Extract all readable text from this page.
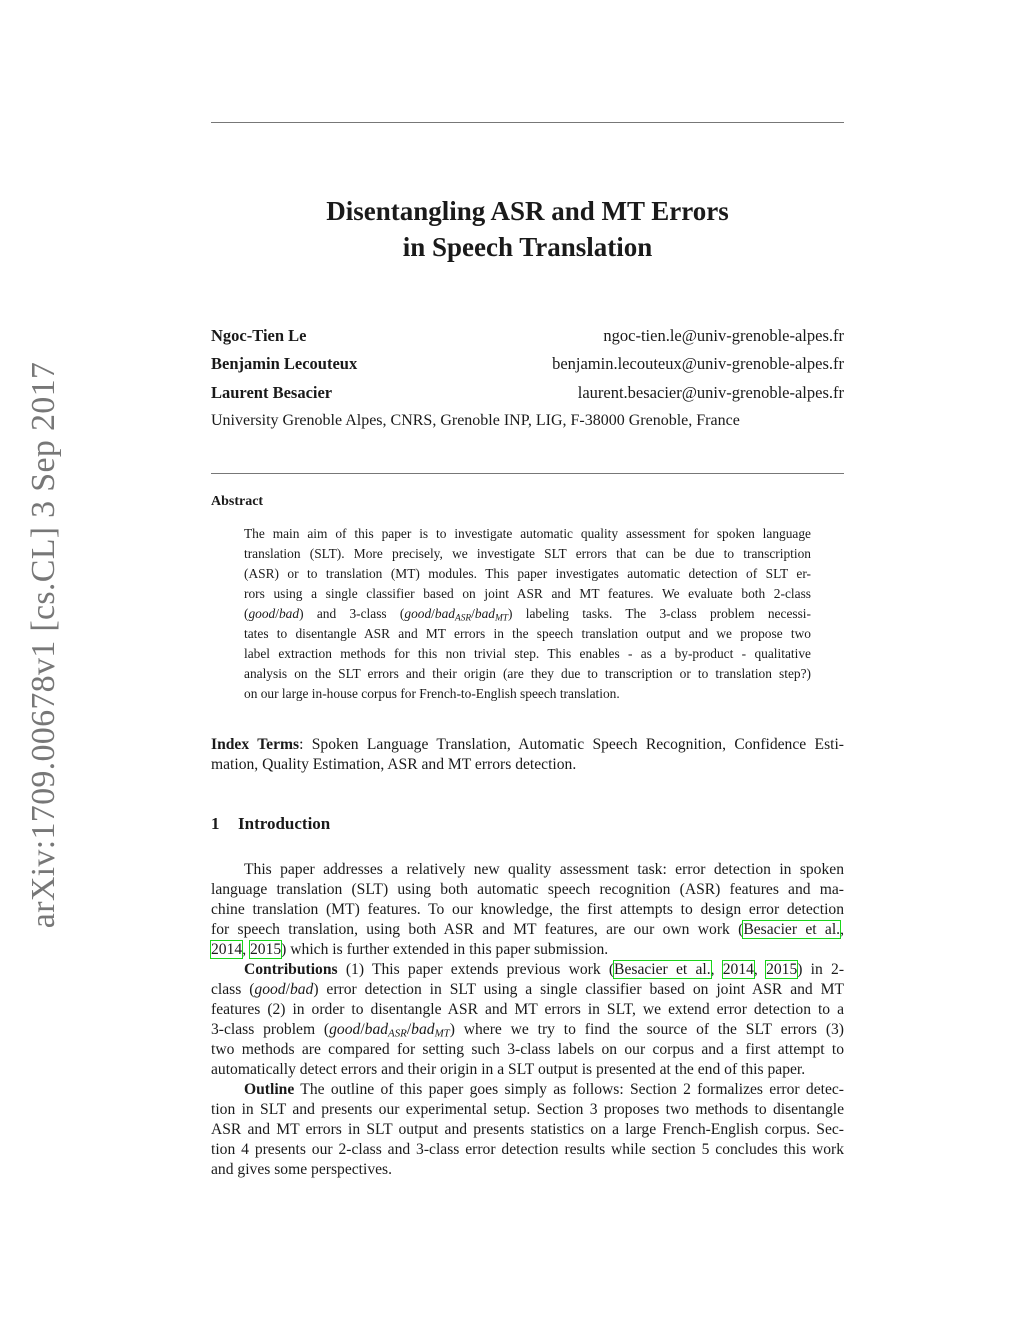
arXiv:1709.00678v1 [cs.CL] 3 Sep 2017
Disentangling ASR and MT Errors
in Speech Translation
Ngoc-Tien Le	ngoc-tien.le@univ-grenoble-alpes.fr
Benjamin Lecouteux	benjamin.lecouteux@univ-grenoble-alpes.fr
Laurent Besacier	laurent.besacier@univ-grenoble-alpes.fr
University Grenoble Alpes, CNRS, Grenoble INP, LIG, F-38000 Grenoble, France
Abstract
The main aim of this paper is to investigate automatic quality assessment for spoken language
translation (SLT). More precisely, we investigate SLT errors that can be due to transcription
(ASR) or to translation (MT) modules. This paper investigates automatic detection of SLT er-
rors using a single classifier based on joint ASR and MT features. We evaluate both 2-class
(good/bad) and 3-class (good/bad$_{ASR}$/bad$_{MT}$) labeling tasks. The 3-class problem necessi-
tates to disentangle ASR and MT errors in the speech translation output and we propose two
label extraction methods for this non trivial step. This enables - as a by-product - qualitative
analysis on the SLT errors and their origin (are they due to transcription or to translation step?)
on our large in-house corpus for French-to-English speech translation.
Index Terms: Spoken Language Translation, Automatic Speech Recognition, Confidence Esti-
mation, Quality Estimation, ASR and MT errors detection.
1 Introduction
This paper addresses a relatively new quality assessment task: error detection in spoken
language translation (SLT) using both automatic speech recognition (ASR) features and ma-
chine translation (MT) features. To our knowledge, the first attempts to design error detection
for speech translation, using both ASR and MT features, are our own work (Besacier et al.,
2014, 2015) which is further extended in this paper submission.
Contributions (1) This paper extends previous work (Besacier et al., 2014, 2015) in 2-
class (good/bad) error detection in SLT using a single classifier based on joint ASR and MT
features (2) in order to disentangle ASR and MT errors in SLT, we extend error detection to a
3-class problem (good/bad$_{ASR}$/bad$_{MT}$) where we try to find the source of the SLT errors (3)
two methods are compared for setting such 3-class labels on our corpus and a first attempt to
automatically detect errors and their origin in a SLT output is presented at the end of this paper.
Outline The outline of this paper goes simply as follows: Section 2 formalizes error detec-
tion in SLT and presents our experimental setup. Section 3 proposes two methods to disentangle
ASR and MT errors in SLT output and presents statistics on a large French-English corpus. Sec-
tion 4 presents our 2-class and 3-class error detection results while section 5 concludes this work
and gives some perspectives.
